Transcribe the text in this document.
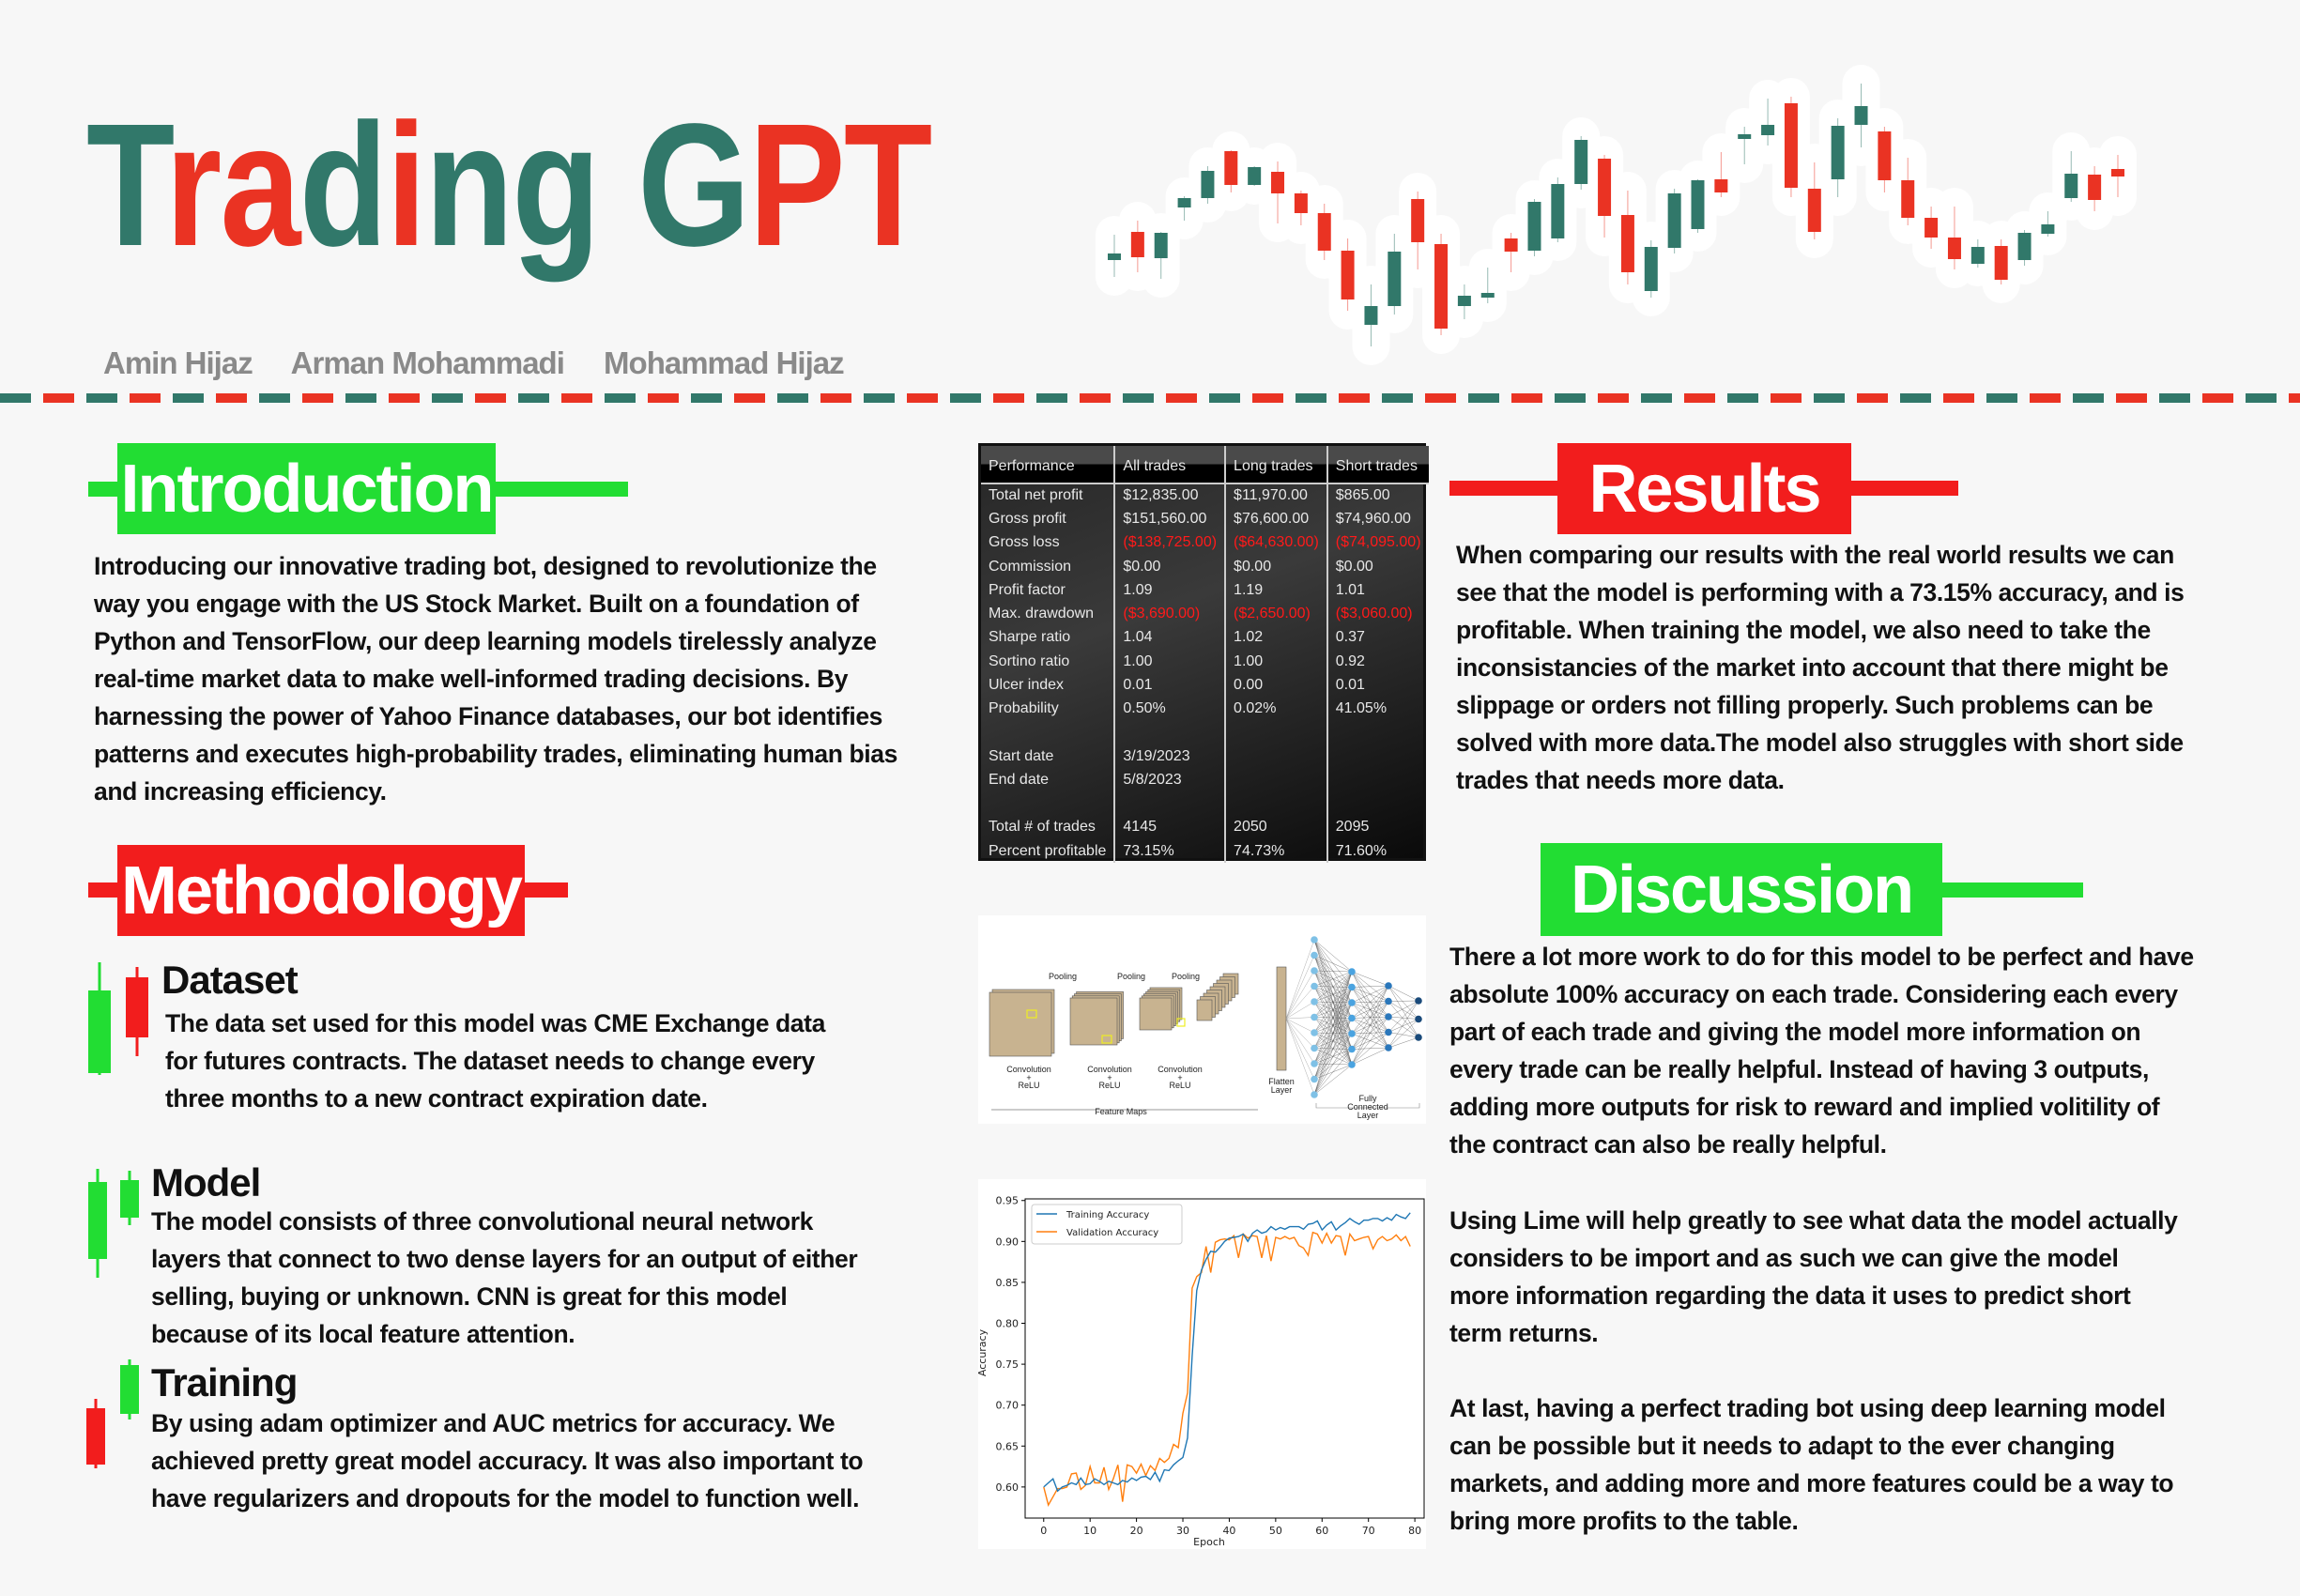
Trading GPT
Amin Hijaz Arman Mohammadi Mohammad Hijaz
Introduction
Introducing our innovative trading bot, designed to revolutionize the way you engage with the US Stock Market. Built on a foundation of Python and TensorFlow, our deep learning models tirelessly analyze real-time market data to make well-informed trading decisions. By harnessing the power of Yahoo Finance databases, our bot identifies patterns and executes high-probability trades, eliminating human bias and increasing efficiency.
Methodology
Dataset
The data set used for this model was CME Exchange data for futures contracts. The dataset needs to change every three months to a new contract expiration date.
Model
The model consists of three convolutional neural network layers that connect to two dense layers for an output of either selling, buying or unknown. CNN is great for this model because of its local feature attention.
Training
By using adam optimizer and AUC metrics for accuracy. We achieved pretty great model accuracy. It was also important to have regularizers and dropouts for the model to function well.
Performance	All trades	Long trades	Short trades
Total net profit	$12,835.00	$11,970.00	$865.00
Gross profit	$151,560.00	$76,600.00	$74,960.00
Gross loss	($138,725.00)	($64,630.00)	($74,095.00)
Commission	$0.00	$0.00	$0.00
Profit factor	1.09	1.19	1.01
Max. drawdown	($3,690.00)	($2,650.00)	($3,060.00)
Sharpe ratio	1.04	1.02	0.37
Sortino ratio	1.00	1.00	0.92
Ulcer index	0.01	0.00	0.01
Probability	0.50%	0.02%	41.05%

Start date	3/19/2023		
End date	5/8/2023		

Total # of trades	4145	2050	2095
Percent profitable	73.15%	74.73%	71.60%
Pooling	Pooling	Pooling
Convolution
+
ReLU
Convolution
+
ReLU
Convolution
+
ReLU	Flatten
Layer
Fully
Connected
Layer
Feature Maps
0	10	20	30	40	50	60	70	80
0.60
0.65
0.70
0.75
0.80
0.85
0.90
0.95
Epoch
Accuracy
Training Accuracy
Validation Accuracy
Results
When comparing our results with the real world results we can see that the model is performing with a 73.15% accuracy, and is profitable. When training the model, we also need to take the inconsistancies of the market into account that there might be slippage or orders not filling properly. Such problems can be solved with more data.The model also struggles with short side trades that needs more data.
Discussion
There a lot more work to do for this model to be perfect and have absolute 100% accuracy on each trade. Considering each every part of each trade and giving the model more information on every trade can be really helpful. Instead of having 3 outputs, adding more outputs for risk to reward and implied volitility of the contract can also be really helpful.
Using Lime will help greatly to see what data the model actually considers to be import and as such we can give the model more information regarding the data it uses to predict short term returns.
At last, having a perfect trading bot using deep learning model can be possible but it needs to adapt to the ever changing markets, and adding more and more features could be a way to bring more profits to the table.
